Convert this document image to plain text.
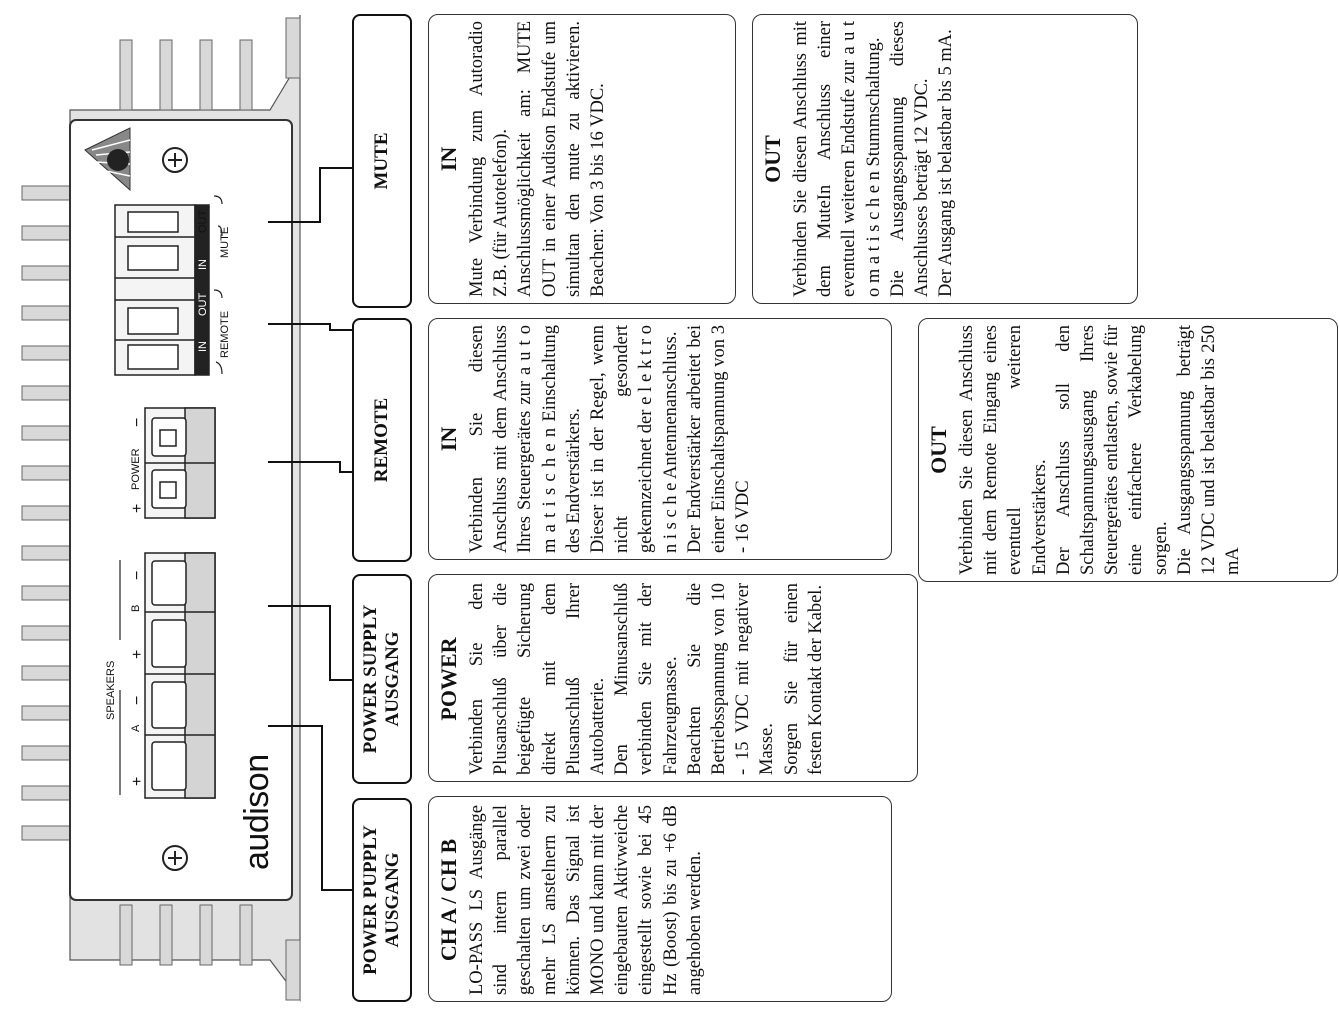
OUT
IN
OUT
IN
MUTE
REMOTE
POWER
+
−
SPEAKERS
A
B
+
−
+
−
audison
POWER PUPPLY
AUSGANG
POWER SUPPLY
AUSGANG
REMOTE
MUTE
CH A / CH B LO-PASS LS Ausgänge sind intern parallel geschalten um zwei oder mehr LS anstelnern zu können. Das Signal ist MONO und kann mit der eingebauten Aktivweiche eingestellt sowie bei 45 Hz (Boost) bis zu +6 dB angehoben werden.

POWER Verbinden Sie den Plusanschluß über die beigefügte Sicherung direkt mit dem Plusanschluß Ihrer Autobatterie. Den Minusanschluß verbinden Sie mit der Fahrzeugmasse. Beachten Sie die Betriebsspannung von 10 - 15 VDC mit negativer Masse. Sorgen Sie für einen festen Kontakt der Kabel.

IN Verbinden Sie diesen Anschluss mit dem Anschluss Ihres Steuergerätes zur a u t o m a t i s c h e n Einschaltung des Endverstärkers. Dieser ist in der Regel, wenn nicht gesondert gekennzeichnet der e l e k t r o n i s c h e Antennenanschluss. Der Endverstärker arbeitet bei einer Einschaltspannung von 3 - 16 VDC

OUT Verbinden Sie diesen Anschluss mit dem Remote Eingang eines eventuell weiteren Endverstärkers. Der Anschluss soll den Schaltspannungsausgang Ihres Steuergerätes entlasten, sowie für eine einfachere Verkabelung sorgen. Die Ausgangsspannung beträgt 12 VDC und ist belastbar bis 250 mA

IN Mute Verbindung zum Autoradio Z.B. (für Autotelefon). Anschlussmöglichkeit am: MUTE OUT in einer Audison Endstufe um simultan den mute zu aktivieren. Beachen: Von 3 bis 16 VDC.	OUT Verbinden Sie diesen Anschluss mit dem MuteIn Anschluss einer eventuell weiteren Endstufe zur a u t o m a t i s c h e n Stummschaltung. Die Ausgangsspannung dieses Anschlusses beträgt 12 VDC. Der Ausgang ist belastbar bis 5 mA.
